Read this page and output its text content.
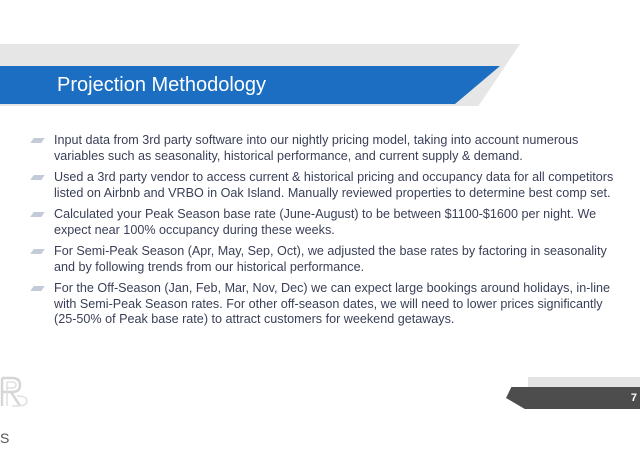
Projection Methodology
Input data from 3rd party software into our nightly pricing model, taking into account numerous variables such as seasonality, historical performance, and current supply & demand.
Used a 3rd party vendor to access current & historical pricing and occupancy data for all competitors listed on Airbnb and VRBO in Oak Island. Manually reviewed properties to determine best comp set.
Calculated your Peak Season base rate (June-August) to be between $1100-$1600 per night. We expect near 100% occupancy during these weeks.
For Semi-Peak Season (Apr, May, Sep, Oct), we adjusted the base rates by factoring in seasonality and by following trends from our historical performance.
For the Off-Season (Jan, Feb, Mar, Nov, Dec) we can expect large bookings around holidays, in-line with Semi-Peak Season rates. For other off-season dates, we will need to lower prices significantly (25-50% of Peak base rate) to attract customers for weekend getaways.
S
7
